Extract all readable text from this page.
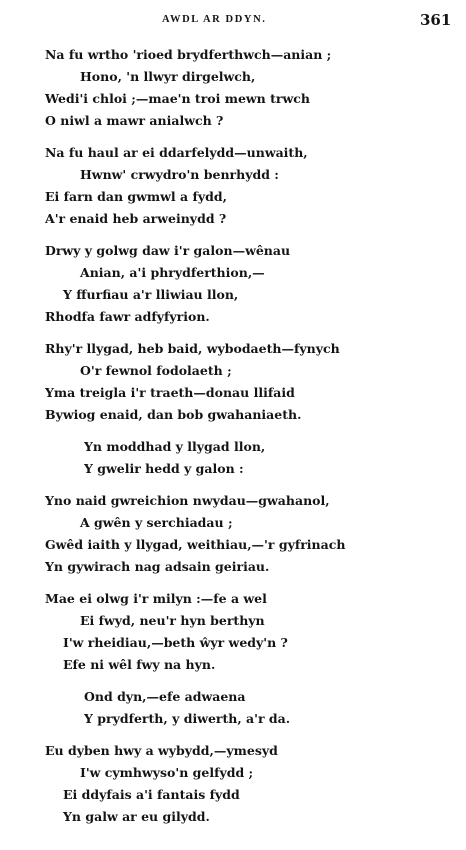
AWDL AR DDYN.	361
Na fu wrtho 'rioed brydferthwch—anian ;
Hono, 'n llwyr dirgelwch,
Wedi'i chloi ;—mae'n troi mewn trwch
O niwl a mawr anialwch ?
Na fu haul ar ei ddarfelydd—unwaith,
Hwnw' crwydro'n benrhydd :
Ei farn dan gwmwl a fydd,
A'r enaid heb arweinydd ?
Drwy y golwg daw i'r galon—wênau
Anian, a'i phrydferthion,—
Y ffurfiau a'r lliwiau llon,
Rhodfa fawr adfyfyrion.
Rhy'r llygad, heb baid, wybodaeth—fynych
O'r fewnol fodolaeth ;
Yma treigla i'r traeth—donau llifaid
Bywiog enaid, dan bob gwahaniaeth.
Yn moddhad y llygad llon,
Y gwelir hedd y galon :
Yno naid gwreichion nwydau—gwahanol,
A gwên y serchiadau ;
Gwêd iaith y llygad, weithiau,—'r gyfrinach
Yn gywirach nag adsain geiriau.
Mae ei olwg i'r milyn :—fe a wel
Ei fwyd, neu'r hyn berthyn
I'w rheidiau,—beth ŵyr wedy'n ?
Efe ni wêl fwy na hyn.
Ond dyn,—efe adwaena
Y prydferth, y diwerth, a'r da.
Eu dyben hwy a wybydd,—ymesyd
I'w cymhwyso'n gelfydd ;
Ei ddyfais a'i fantais fydd
Yn galw ar eu gilydd.
